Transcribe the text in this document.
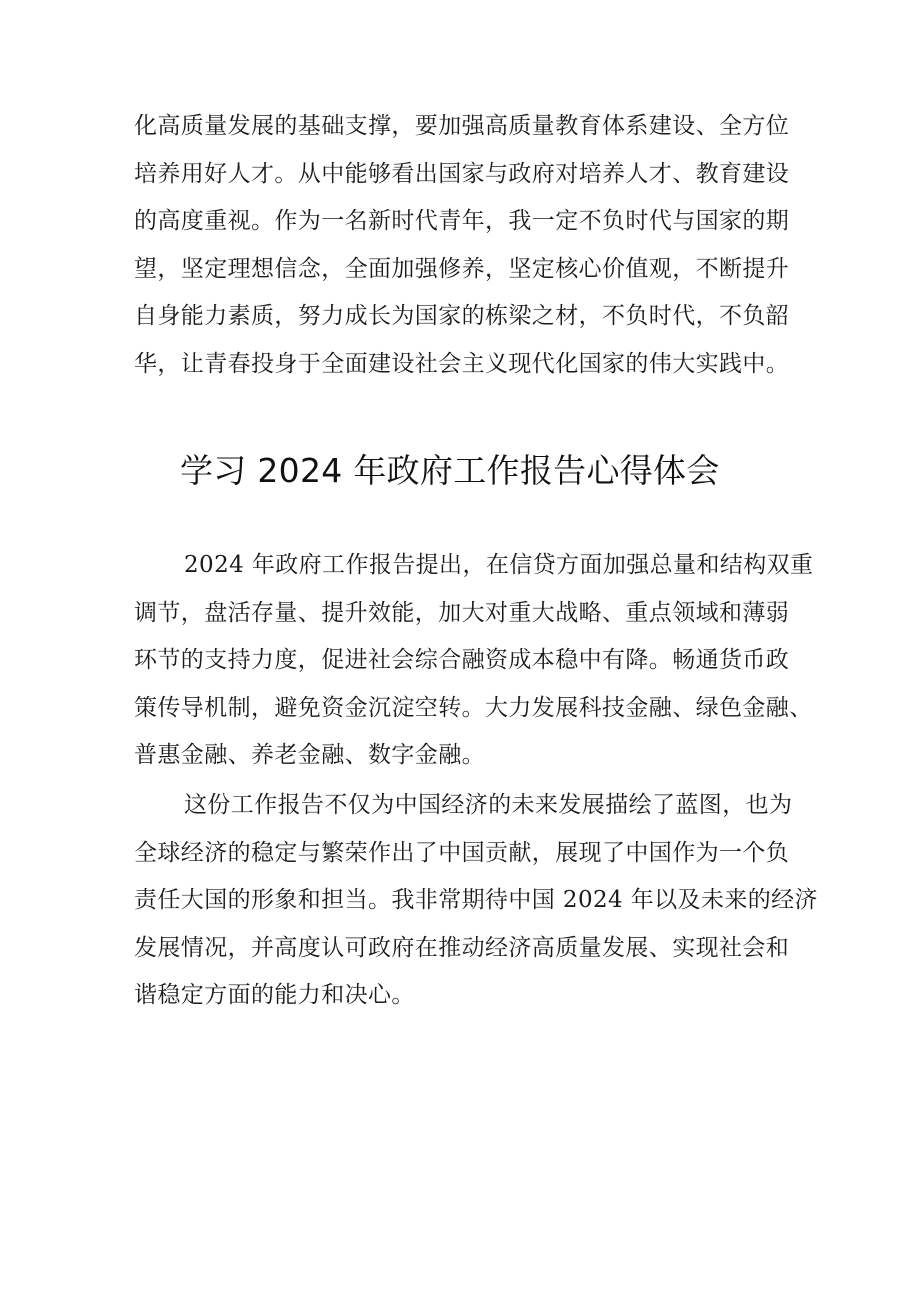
化高质量发展的基础支撑，要加强高质量教育体系建设、全方位
培养用好人才。从中能够看出国家与政府对培养人才、教育建设
的高度重视。作为一名新时代青年，我一定不负时代与国家的期
望，坚定理想信念，全面加强修养，坚定核心价值观，不断提升
自身能力素质，努力成长为国家的栋梁之材，不负时代，不负韶
华，让青春投身于全面建设社会主义现代化国家的伟大实践中。
学习 2024 年政府工作报告心得体会
2024 年政府工作报告提出，在信贷方面加强总量和结构双重
调节，盘活存量、提升效能，加大对重大战略、重点领域和薄弱
环节的支持力度，促进社会综合融资成本稳中有降。畅通货币政
策传导机制，避免资金沉淀空转。大力发展科技金融、绿色金融、
普惠金融、养老金融、数字金融。
这份工作报告不仅为中国经济的未来发展描绘了蓝图，也为
全球经济的稳定与繁荣作出了中国贡献，展现了中国作为一个负
责任大国的形象和担当。我非常期待中国 2024 年以及未来的经济
发展情况，并高度认可政府在推动经济高质量发展、实现社会和
谐稳定方面的能力和决心。
